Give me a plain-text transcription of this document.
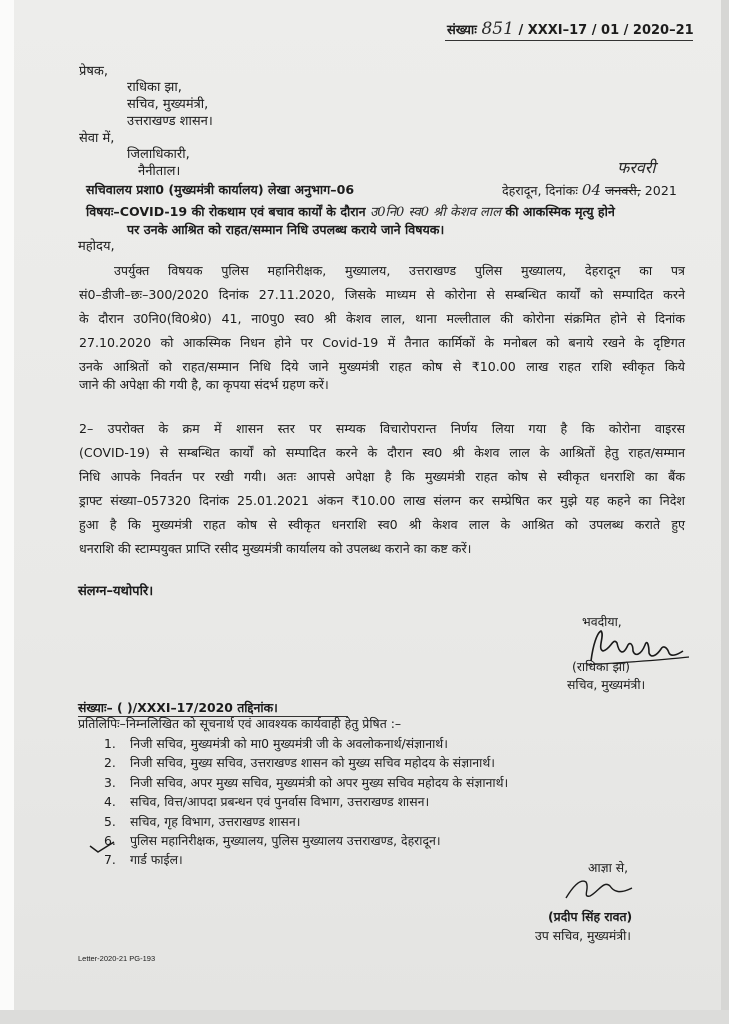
संख्याः 851 / XXXI–17 / 01 / 2020–21
प्रेषक,
राधिका झा,
सचिव, मुख्यमंत्री,
उत्तराखण्ड शासन।
सेवा में,
जिलाधिकारी,
नैनीताल।
सचिवालय प्रशा0 (मुख्यमंत्री कार्यालय) लेखा अनुभाग–06	देहरादून, दिनांकः 04 जनवरी, 2021
फरवरी
विषयः–COVID-19 की रोकथाम एवं बचाव कार्यों के दौरान उ0नि0 स्व0 श्री केशव लाल की आकस्मिक मृत्यु होने
पर उनके आश्रित को राहत/सम्मान निधि उपलब्ध कराये जाने विषयक।
महोदय,
उपर्युक्त विषयक पुलिस महानिरीक्षक, मुख्यालय, उत्तराखण्ड पुलिस मुख्यालय, देहरादून का पत्र
सं0–डीजी–छः–300/2020 दिनांक 27.11.2020, जिसके माध्यम से कोरोना से सम्बन्धित कार्यों को सम्पादित करने
के दौरान उ0नि0(वि0श्रे0) 41, ना0पु0 स्व0 श्री केशव लाल, थाना मल्लीताल की कोरोना संक्रमित होने से दिनांक
27.10.2020 को आकस्मिक निधन होने पर Covid-19 में तैनात कार्मिकों के मनोबल को बनाये रखने के दृष्टिगत
उनके आश्रितों को राहत/सम्मान निधि दिये जाने मुख्यमंत्री राहत कोष से ₹10.00 लाख राहत राशि स्वीकृत किये
जाने की अपेक्षा की गयी है, का कृपया संदर्भ ग्रहण करें।
2– उपरोक्त के क्रम में शासन स्तर पर सम्यक विचारोपरान्त निर्णय लिया गया है कि कोरोना वाइरस
(COVID-19) से सम्बन्धित कार्यों को सम्पादित करने के दौरान स्व0 श्री केशव लाल के आश्रितों हेतु राहत/सम्मान
निधि आपके निवर्तन पर रखी गयी। अतः आपसे अपेक्षा है कि मुख्यमंत्री राहत कोष से स्वीकृत धनराशि का बैंक
ड्राफ्ट संख्या–057320 दिनांक 25.01.2021 अंकन ₹10.00 लाख संलग्न कर सम्प्रेषित कर मुझे यह कहने का निदेश
हुआ है कि मुख्यमंत्री राहत कोष से स्वीकृत धनराशि स्व0 श्री केशव लाल के आश्रित को उपलब्ध कराते हुए
धनराशि की स्टाम्पयुक्त प्राप्ति रसीद मुख्यमंत्री कार्यालय को उपलब्ध कराने का कष्ट करें।
संलग्न–यथोपरि।
भवदीया,
(राधिका झा)
सचिव, मुख्यमंत्री।
संख्याः– ( )/XXXI–17/2020 तद्दिनांक।
प्रतिलिपिः–निम्नलिखित को सूचनार्थ एवं आवश्यक कार्यवाही हेतु प्रेषित :–
1. निजी सचिव, मुख्यमंत्री को मा0 मुख्यमंत्री जी के अवलोकनार्थ/संज्ञानार्थ।
2. निजी सचिव, मुख्य सचिव, उत्तराखण्ड शासन को मुख्य सचिव महोदय के संज्ञानार्थ।
3. निजी सचिव, अपर मुख्य सचिव, मुख्यमंत्री को अपर मुख्य सचिव महोदय के संज्ञानार्थ।
4. सचिव, वित्त/आपदा प्रबन्धन एवं पुनर्वास विभाग, उत्तराखण्ड शासन।
5. सचिव, गृह विभाग, उत्तराखण्ड शासन।
6. पुलिस महानिरीक्षक, मुख्यालय, पुलिस मुख्यालय उत्तराखण्ड, देहरादून।
7. गार्ड फाईल।
आज्ञा से,
(प्रदीप सिंह रावत)
उप सचिव, मुख्यमंत्री।
Letter-2020-21 PG-193
